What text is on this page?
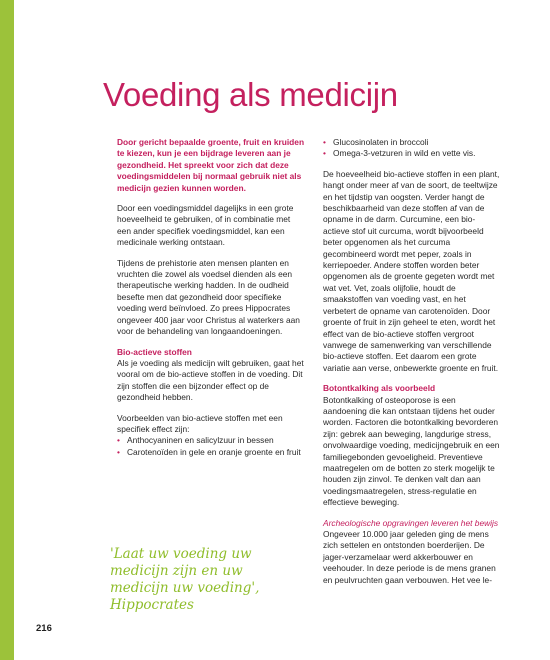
Voeding als medicijn

Door gericht bepaalde groente, fruit en kruiden te kiezen, kun je een bijdrage leveren aan je gezondheid. Het spreekt voor zich dat deze voedingsmiddelen bij normaal gebruik niet als medicijn gezien kunnen worden.

Door een voedingsmiddel dagelijks in een grote hoeveelheid te gebruiken, of in combinatie met een ander specifiek voedingsmiddel, kan een medicinale werking ontstaan.

Tijdens de prehistorie aten mensen planten en vruchten die zowel als voedsel dienden als een therapeutische werking hadden. In de oudheid besefte men dat gezondheid door specifieke voeding werd beïnvloed. Zo prees Hippocrates ongeveer 400 jaar voor Christus al waterkers aan voor de behandeling van longaandoeningen.

Bio-actieve stoffen

Als je voeding als medicijn wilt gebruiken, gaat het vooral om de bio-actieve stoffen in de voeding. Dit zijn stoffen die een bijzonder effect op de gezondheid hebben.

Voorbeelden van bio-actieve stoffen met een specifiek effect zijn:

• Anthocyaninen en salicylzuur in bessen
• Carotenoïden in gele en oranje groente en fruit
• Glucosinolaten in broccoli
• Omega-3-vetzuren in wild en vette vis.

De hoeveelheid bio-actieve stoffen in een plant, hangt onder meer af van de soort, de teeltwijze en het tijdstip van oogsten. Verder hangt de beschikbaarheid van deze stoffen af van de opname in de darm. Curcumine, een bio-actieve stof uit curcuma, wordt bijvoorbeeld beter opgenomen als het curcuma gecombineerd wordt met peper, zoals in kerriepoeder. Andere stoffen worden beter opgenomen als de groente gegeten wordt met wat vet. Vet, zoals olijfolie, houdt de smaakstoffen van voeding vast, en het verbetert de opname van carotenoïden. Door groente of fruit in zijn geheel te eten, wordt het effect van de bio-actieve stoffen vergroot vanwege de samenwerking van verschillende bio-actieve stoffen. Eet daarom een grote variatie aan verse, onbewerkte groente en fruit.

Botontkalking als voorbeeld

Botontkalking of osteoporose is een aandoening die kan ontstaan tijdens het ouder worden. Factoren die botontkalking bevorderen zijn: gebrek aan beweging, langdurige stress, onvolwaardige voeding, medicijngebruik en een familiegebonden gevoeligheid. Preventieve maatregelen om de botten zo sterk mogelijk te houden zijn zinvol. Te denken valt dan aan voedingsmaatregelen, stress-regulatie en effectieve beweging.

Archeologische opgravingen leveren het bewijs

Ongeveer 10.000 jaar geleden ging de mens zich settelen en ontstonden boerderijen. De jager-verzamelaar werd akkerbouwer en veehouder. In deze periode is de mens granen en peulvruchten gaan verbouwen. Het vee le-

'Laat uw voeding uw medicijn zijn en uw medicijn uw voeding', Hippocrates
216
